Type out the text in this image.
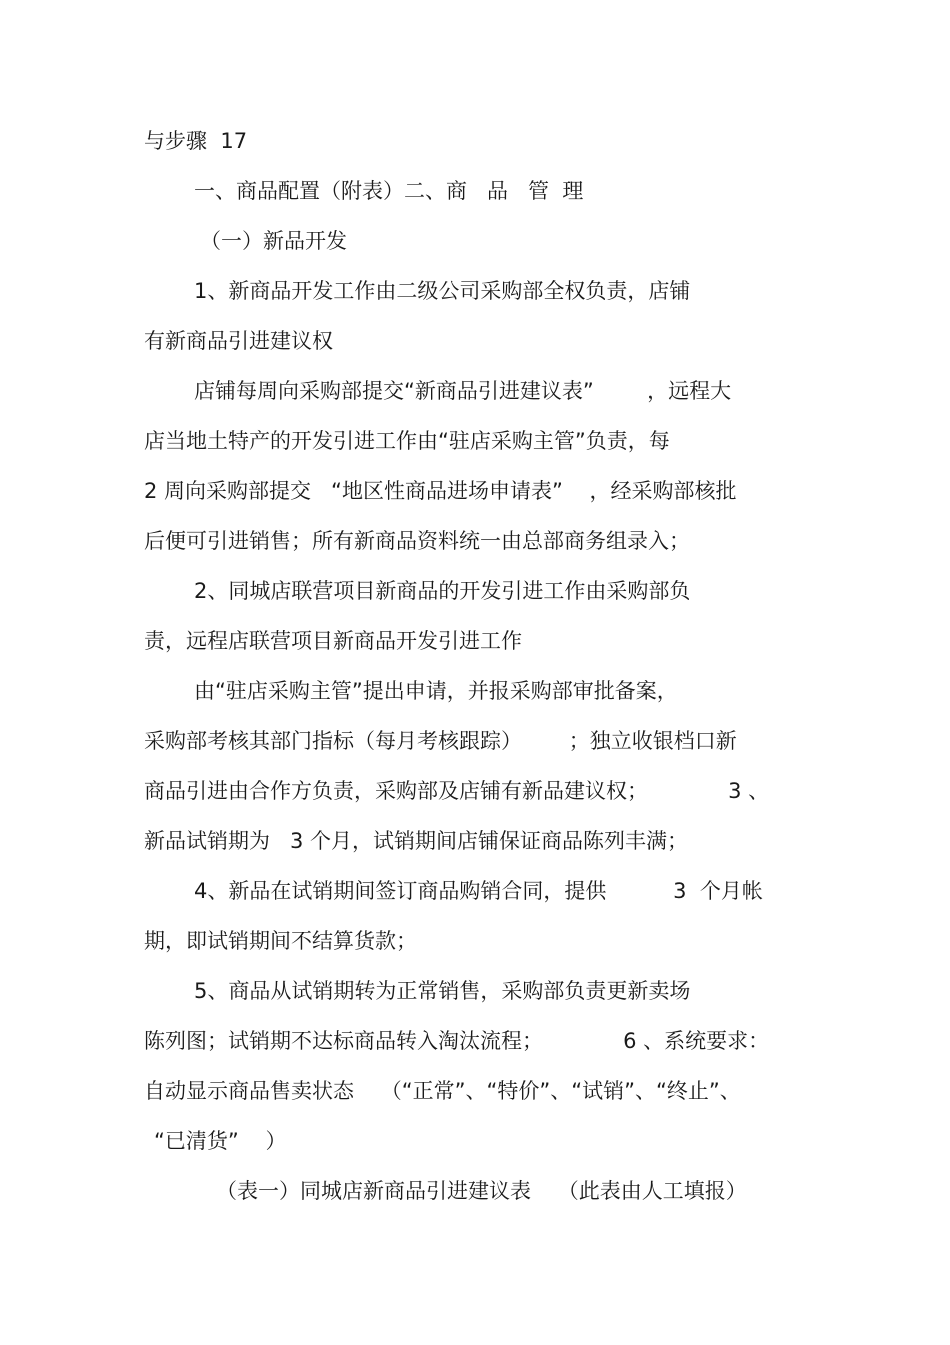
与步骤  17

一、商品配置（附表）二、商   品   管  理

（一）新品开发

1、新商品开发工作由二级公司采购部全权负责，店铺

有新商品引进建议权

店铺每周向采购部提交“新商品引进建议表”        ，远程大

店当地土特产的开发引进工作由“驻店采购主管”负责，每

2 周向采购部提交   “地区性商品进场申请表”    ，经采购部核批

后便可引进销售；所有新商品资料统一由总部商务组录入；

2、同城店联营项目新商品的开发引进工作由采购部负

责，远程店联营项目新商品开发引进工作

由“驻店采购主管”提出申请，并报采购部审批备案，

采购部考核其部门指标（每月考核跟踪）       ；独立收银档口新

商品引进由合作方负责，采购部及店铺有新品建议权；            3 、

新品试销期为   3 个月，试销期间店铺保证商品陈列丰满；

4、新品在试销期间签订商品购销合同，提供          3  个月帐

期，即试销期间不结算货款；

5、商品从试销期转为正常销售，采购部负责更新卖场

陈列图；试销期不达标商品转入淘汰流程；            6 、系统要求：

自动显示商品售卖状态    （“正常”、“特价”、“试销”、“终止”、

“已清货”    ）

（表一）同城店新商品引进建议表    （此表由人工填报）
